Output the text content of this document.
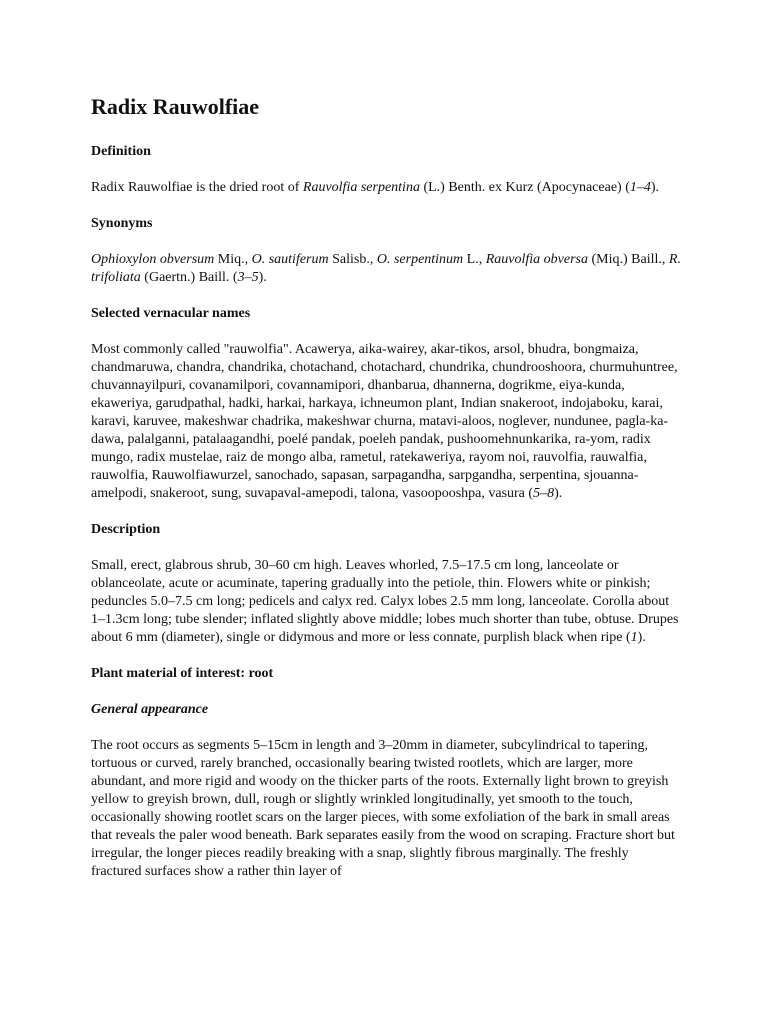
Radix Rauwolfiae
Definition

Radix Rauwolfiae is the dried root of Rauvolfia serpentina (L.) Benth. ex Kurz (Apocynaceae) (1–4).

Synonyms

Ophioxylon obversum Miq., O. sautiferum Salisb., O. serpentinum L., Rauvolfia obversa (Miq.) Baill., R. trifoliata (Gaertn.) Baill. (3–5).

Selected vernacular names

Most commonly called "rauwolfia". Acawerya, aika-wairey, akar-tikos, arsol, bhudra, bongmaiza, chandmaruwa, chandra, chandrika, chotachand, chotachard, chundrika, chundrooshoora, churmuhuntree, chuvannayilpuri, covanamilpori, covannamipori, dhanbarua, dhannerna, dogrikme, eiya-kunda, ekaweriya, garudpathal, hadki, harkai, harkaya, ichneumon plant, Indian snakeroot, indojaboku, karai, karavi, karuvee, makeshwar chadrika, makeshwar churna, matavi-aloos, noglever, nundunee, pagla-ka-dawa, palalganni, patalaagandhi, poelé pandak, poeleh pandak, pushoomehnunkarika, ra-yom, radix mungo, radix mustelae, raiz de mongo alba, rametul, ratekaweriya, rayom noi, rauvolfia, rauwalfia, rauwolfia, Rauwolfiawurzel, sanochado, sapasan, sarpagandha, sarpgandha, serpentina, sjouanna-amelpodi, snakeroot, sung, suvapaval-amepodi, talona, vasoopooshpa, vasura (5–8).

Description

Small, erect, glabrous shrub, 30–60 cm high. Leaves whorled, 7.5–17.5 cm long, lanceolate or oblanceolate, acute or acuminate, tapering gradually into the petiole, thin. Flowers white or pinkish; peduncles 5.0–7.5 cm long; pedicels and calyx red. Calyx lobes 2.5 mm long, lanceolate. Corolla about 1–1.3cm long; tube slender; inflated slightly above middle; lobes much shorter than tube, obtuse. Drupes about 6 mm (diameter), single or didymous and more or less connate, purplish black when ripe (1).

Plant material of interest: root
General appearance

The root occurs as segments 5–15cm in length and 3–20mm in diameter, subcylindrical to tapering, tortuous or curved, rarely branched, occasionally bearing twisted rootlets, which are larger, more abundant, and more rigid and woody on the thicker parts of the roots. Externally light brown to greyish yellow to greyish brown, dull, rough or slightly wrinkled longitudinally, yet smooth to the touch, occasionally showing rootlet scars on the larger pieces, with some exfoliation of the bark in small areas that reveals the paler wood beneath. Bark separates easily from the wood on scraping. Fracture short but irregular, the longer pieces readily breaking with a snap, slightly fibrous marginally. The freshly fractured surfaces show a rather thin layer of
